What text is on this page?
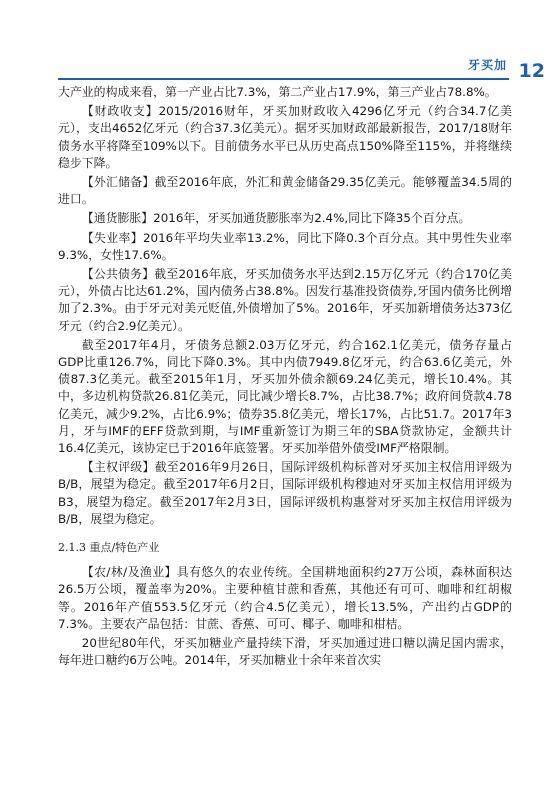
牙买加 12

大产业的构成来看，第一产业占比7.3%，第二产业占17.9%，第三产业占78.8%。

【财政收支】2015/2016财年，牙买加财政收入4296亿牙元（约合34.7亿美元），支出4652亿牙元（约合37.3亿美元）。据牙买加财政部最新报告，2017/18财年债务水平将降至109%以下。目前债务水平已从历史高点150%降至115%，并将继续稳步下降。

【外汇储备】截至2016年底，外汇和黄金储备29.35亿美元。能够覆盖34.5周的进口。

【通货膨胀】2016年，牙买加通货膨胀率为2.4%,同比下降35个百分点。

【失业率】2016年平均失业率13.2%，同比下降0.3个百分点。其中男性失业率9.3%，女性17.6%。

【公共债务】截至2016年底，牙买加债务水平达到2.15万亿牙元（约合170亿美元），外债占比达61.2%，国内债务占38.8%。因发行基准投资债券,牙国内债务比例增加了2.3%。由于牙元对美元贬值,外债增加了5%。2016年，牙买加新增债务达373亿牙元（约合2.9亿美元）。

截至2017年4月，牙债务总额2.03万亿牙元，约合162.1亿美元，债务存量占GDP比重126.7%，同比下降0.3%。其中内债7949.8亿牙元，约合63.6亿美元，外债87.3亿美元。截至2015年1月，牙买加外债余额69.24亿美元，增长10.4%。其中，多边机构贷款26.81亿美元，同比减少增长8.7%，占比38.7%；政府间贷款4.78亿美元，减少9.2%，占比6.9%；债券35.8亿美元，增长17%，占比51.7。2017年3月，牙与IMF的EFF贷款到期，与IMF重新签订为期三年的SBA贷款协定，金额共计16.4亿美元，该协定已于2016年底签署。牙买加举借外债受IMF严格限制。

【主权评级】截至2016年9月26日，国际评级机构标普对牙买加主权信用评级为B/B，展望为稳定。截至2017年6月2日，国际评级机构穆迪对牙买加主权信用评级为B3，展望为稳定。截至2017年2月3日，国际评级机构惠誉对牙买加主权信用评级为B/B，展望为稳定。

2.1.3 重点/特色产业

【农/林/及渔业】具有悠久的农业传统。全国耕地面积约27万公顷，森林面积达26.5万公顷，覆盖率为20%。主要种植甘蔗和香蕉，其他还有可可、咖啡和红胡椒等。2016年产值553.5亿牙元（约合4.5亿美元），增长13.5%，产出约占GDP的7.3%。主要农产品包括：甘蔗、香蕉、可可、椰子、咖啡和柑桔。

20世纪80年代，牙买加糖业产量持续下滑，牙买加通过进口糖以满足国内需求，每年进口糖约6万公吨。2014年，牙买加糖业十余年来首次实
